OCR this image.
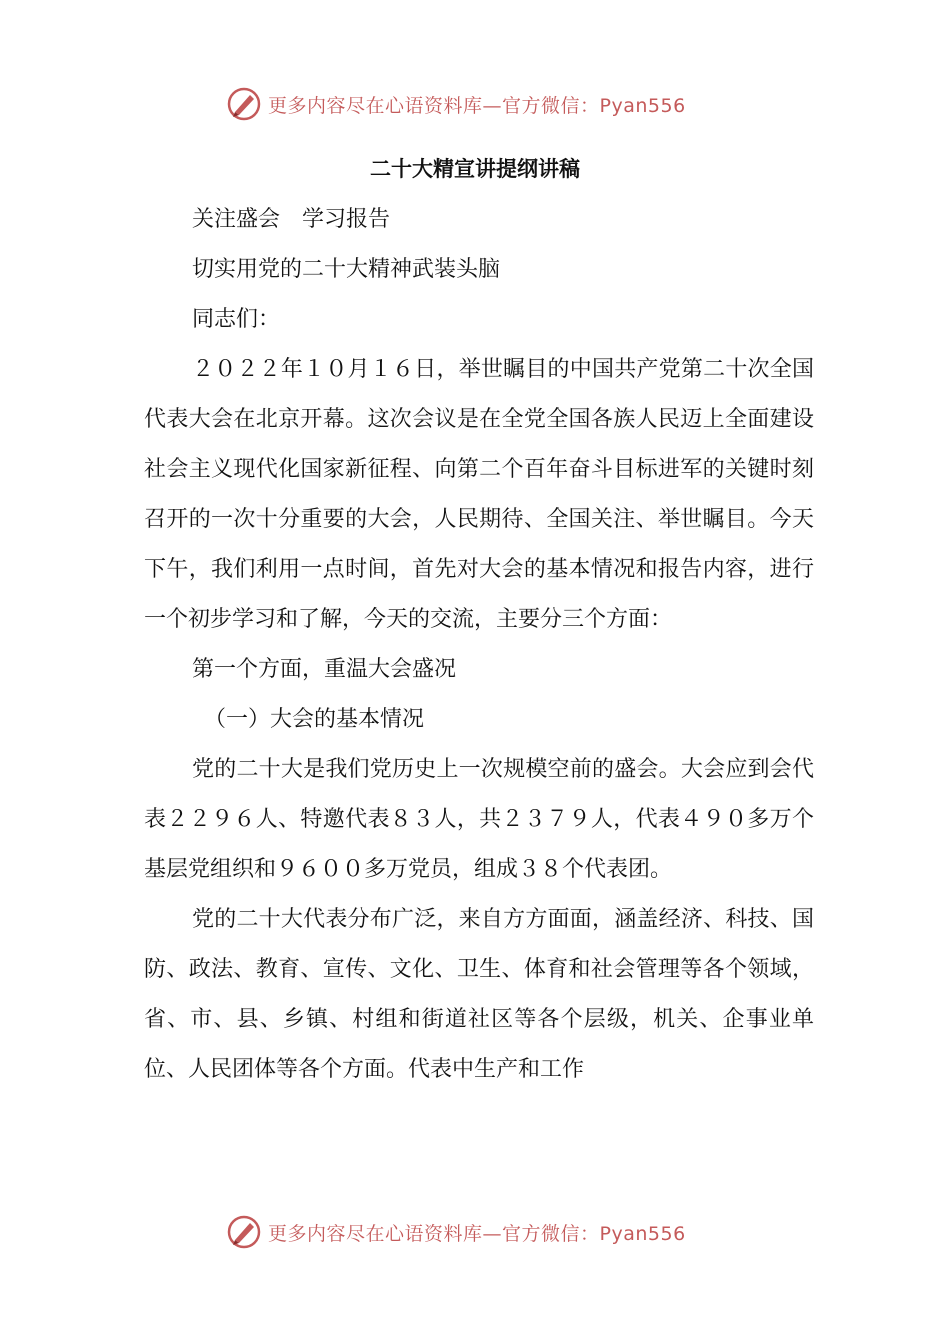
更多内容尽在心语资料库—官方微信：Pyan556
二十大精宣讲提纲讲稿

关注盛会　学习报告

切实用党的二十大精神武装头脑

同志们：

２０２２年１０月１６日，举世瞩目的中国共产党第二十次全国代表大会在北京开幕。这次会议是在全党全国各族人民迈上全面建设社会主义现代化国家新征程、向第二个百年奋斗目标进军的关键时刻召开的一次十分重要的大会，人民期待、全国关注、举世瞩目。今天下午，我们利用一点时间，首先对大会的基本情况和报告内容，进行一个初步学习和了解，今天的交流，主要分三个方面：

第一个方面，重温大会盛况

（一）大会的基本情况

党的二十大是我们党历史上一次规模空前的盛会。大会应到会代表２２９６人、特邀代表８３人，共２３７９人，代表４９０多万个基层党组织和９６００多万党员，组成３８个代表团。

党的二十大代表分布广泛，来自方方面面，涵盖经济、科技、国防、政法、教育、宣传、文化、卫生、体育和社会管理等各个领域，省、市、县、乡镇、村组和街道社区等各个层级，机关、企事业单位、人民团体等各个方面。代表中生产和工作

更多内容尽在心语资料库—官方微信：Pyan556
